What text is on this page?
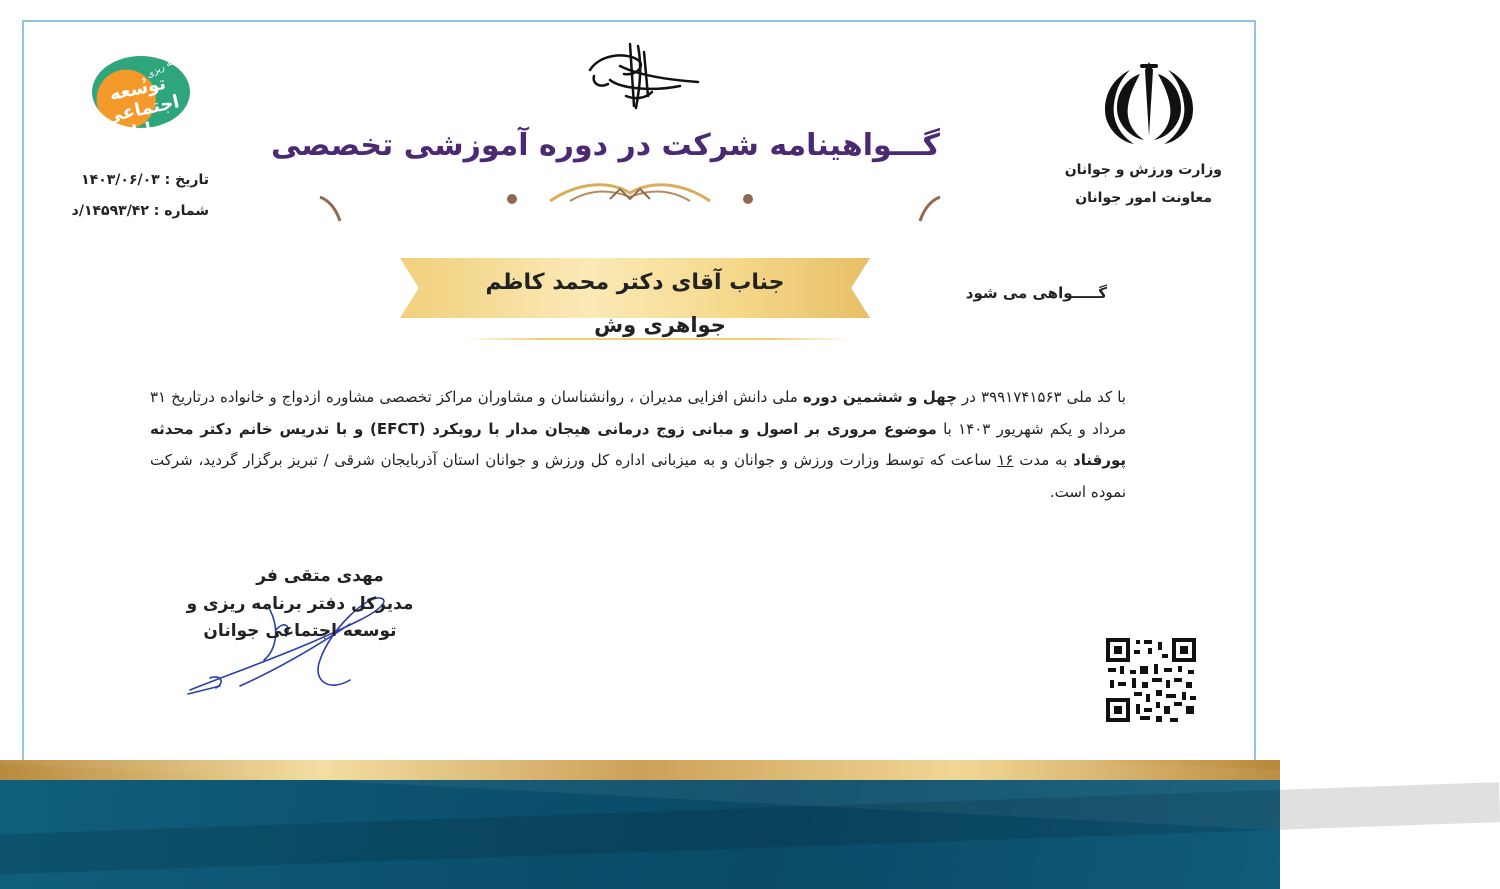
برنامه ریزی و
توسعه اجتماعی جوانان
تاریخ : ۱۴۰۳/۰۶/۰۳
شماره : ۱۴۵۹۳/۴۲/د
وزارت ورزش و جوانان
معاونت امور جوانان
گـــواهینامه شرکت در دوره آموزشی تخصصی
جناب آقای دکتر محمد کاظم
جواهری وش
گـــــواهی می شود
با کد ملی ۳۹۹۱۷۴۱۵۶۳ در چهل و ششمین دوره ملی دانش افزایی مدیران ، روانشناسان و مشاوران مراکز تخصصی مشاوره ازدواج و خانواده درتاریخ ۳۱ مرداد و یکم شهریور ۱۴۰۳ با موضوع مروری بر اصول و مبانی زوج درمانی هیجان مدار با رویکرد (EFCT) و با تدریس خانم دکتر محدثه پورقناد به مدت ۱۶ ساعت که توسط وزارت ورزش و جوانان و به میزبانی اداره کل ورزش و جوانان استان آذربایجان شرقی / تبریز برگزار گردید، شرکت نموده است.
مهدی متقی فر
مدیرکل دفتر برنامه ریزی و
توسعه اجتماعی جوانان
